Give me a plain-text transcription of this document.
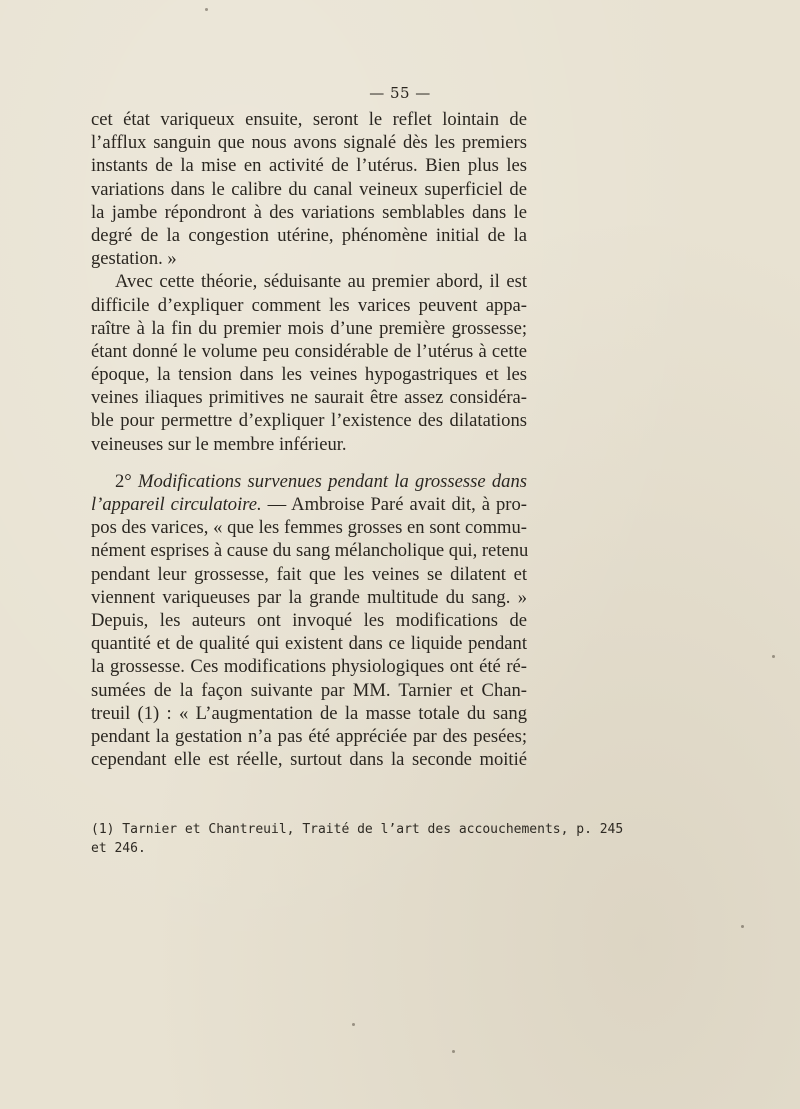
— 55 —
cet état variqueux ensuite, seront le reflet lointain de
l’afflux sanguin que nous avons signalé dès les premiers
instants de la mise en activité de l’utérus. Bien plus les
variations dans le calibre du canal veineux superficiel de
la jambe répondront à des variations semblables dans le
degré de la congestion utérine, phénomène initial de la
gestation. »
Avec cette théorie, séduisante au premier abord, il est
difficile d’expliquer comment les varices peuvent appa-
raître à la fin du premier mois d’une première grossesse;
étant donné le volume peu considérable de l’utérus à cette
époque, la tension dans les veines hypogastriques et les
veines iliaques primitives ne saurait être assez considéra-
ble pour permettre d’expliquer l’existence des dilatations
veineuses sur le membre inférieur.
2° Modifications survenues pendant la grossesse dans
l’appareil circulatoire. — Ambroise Paré avait dit, à pro-
pos des varices, « que les femmes grosses en sont commu-
nément esprises à cause du sang mélancholique qui, retenu
pendant leur grossesse, fait que les veines se dilatent et
viennent variqueuses par la grande multitude du sang. »
Depuis, les auteurs ont invoqué les modifications de
quantité et de qualité qui existent dans ce liquide pendant
la grossesse. Ces modifications physiologiques ont été ré-
sumées de la façon suivante par MM. Tarnier et Chan-
treuil (1) : « L’augmentation de la masse totale du sang
pendant la gestation n’a pas été appréciée par des pesées;
cependant elle est réelle, surtout dans la seconde moitié
(1) Tarnier et Chantreuil, Traité de l’art des accouchements, p. 245
et 246.
